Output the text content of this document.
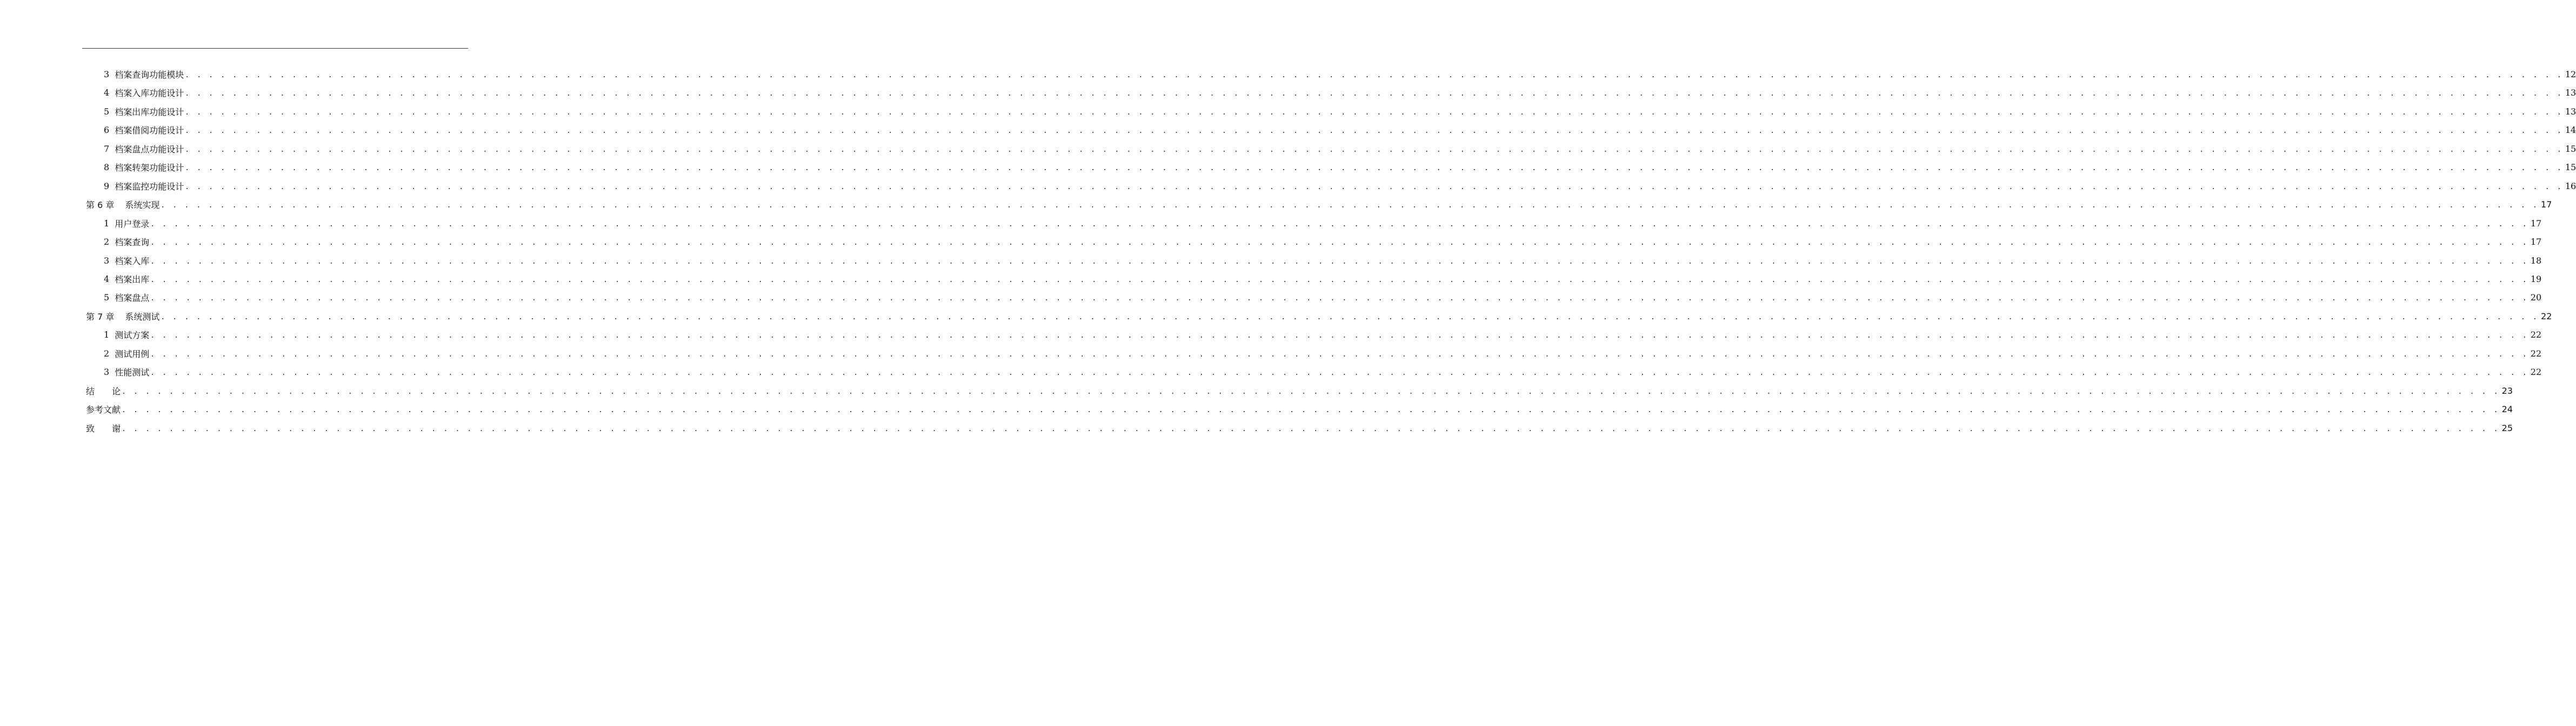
3 档案查询功能模块 . . . . . . . . . . . . . . . . . . . . . . . . . . . . . . . . . . . . . . . . . . . . . . . . . . . . . . . . . . . . . . . . . . . . . . . . . . . . . . . . . . . . . . . . . . . . . . . . . . . . . . . . . . . . . . . . . . . . . . . . . . . . . . . . . . . . . . . . . . . . . . . . . . . . . . . . . . . . . . . . . . . . . . . . . . . . . . . . . . . . . . . . . . . . . . . . . . . . . . . . 12
4 档案入库功能设计 . . . . . . . . . . . . . . . . . . . . . . . . . . . . . . . . . . . . . . . . . . . . . . . . . . . . . . . . . . . . . . . . . . . . . . . . . . . . . . . . . . . . . . . . . . . . . . . . . . . . . . . . . . . . . . . . . . . . . . . . . . . . . . . . . . . . . . . . . . . . . . . . . . . . . . . . . . . . . . . . . . . . . . . . . . . . . . . . . . . . . . . . . . . . . . . . . . . . . . . . 13
5 档案出库功能设计 . . . . . . . . . . . . . . . . . . . . . . . . . . . . . . . . . . . . . . . . . . . . . . . . . . . . . . . . . . . . . . . . . . . . . . . . . . . . . . . . . . . . . . . . . . . . . . . . . . . . . . . . . . . . . . . . . . . . . . . . . . . . . . . . . . . . . . . . . . . . . . . . . . . . . . . . . . . . . . . . . . . . . . . . . . . . . . . . . . . . . . . . . . . . . . . . . . . . . . . . 13
6 档案借阅功能设计 . . . . . . . . . . . . . . . . . . . . . . . . . . . . . . . . . . . . . . . . . . . . . . . . . . . . . . . . . . . . . . . . . . . . . . . . . . . . . . . . . . . . . . . . . . . . . . . . . . . . . . . . . . . . . . . . . . . . . . . . . . . . . . . . . . . . . . . . . . . . . . . . . . . . . . . . . . . . . . . . . . . . . . . . . . . . . . . . . . . . . . . . . . . . . . . . . . . . . . . . 14
7 档案盘点功能设计 . . . . . . . . . . . . . . . . . . . . . . . . . . . . . . . . . . . . . . . . . . . . . . . . . . . . . . . . . . . . . . . . . . . . . . . . . . . . . . . . . . . . . . . . . . . . . . . . . . . . . . . . . . . . . . . . . . . . . . . . . . . . . . . . . . . . . . . . . . . . . . . . . . . . . . . . . . . . . . . . . . . . . . . . . . . . . . . . . . . . . . . . . . . . . . . . . . . . . . . . 15
8 档案转架功能设计 . . . . . . . . . . . . . . . . . . . . . . . . . . . . . . . . . . . . . . . . . . . . . . . . . . . . . . . . . . . . . . . . . . . . . . . . . . . . . . . . . . . . . . . . . . . . . . . . . . . . . . . . . . . . . . . . . . . . . . . . . . . . . . . . . . . . . . . . . . . . . . . . . . . . . . . . . . . . . . . . . . . . . . . . . . . . . . . . . . . . . . . . . . . . . . . . . . . . . . . . 15
9 档案监控功能设计 . . . . . . . . . . . . . . . . . . . . . . . . . . . . . . . . . . . . . . . . . . . . . . . . . . . . . . . . . . . . . . . . . . . . . . . . . . . . . . . . . . . . . . . . . . . . . . . . . . . . . . . . . . . . . . . . . . . . . . . . . . . . . . . . . . . . . . . . . . . . . . . . . . . . . . . . . . . . . . . . . . . . . . . . . . . . . . . . . . . . . . . . . . . . . . . . . . . . . . . . 16
第 6 章 系统实现 . . . . . . . . . . . . . . . . . . . . . . . . . . . . . . . . . . . . . . . . . . . . . . . . . . . . . . . . . . . . . . . . . . . . . . . . . . . . . . . . . . . . . . . . . . . . . . . . . . . . . . . . . . . . . . . . . . . . . . . . . . . . . . . . . . . . . . . . . . . . . . . . . . . . . . . . . . . . . . . . . . . . . . . . . . . . . . . . . . . . . . . . . . . . . . . . . . . . . . . . 17
1 用户登录 . . . . . . . . . . . . . . . . . . . . . . . . . . . . . . . . . . . . . . . . . . . . . . . . . . . . . . . . . . . . . . . . . . . . . . . . . . . . . . . . . . . . . . . . . . . . . . . . . . . . . . . . . . . . . . . . . . . . . . . . . . . . . . . . . . . . . . . . . . . . . . . . . . . . . . . . . . . . . . . . . . . . . . . . . . . . . . . . . . . . . . . . . . . . . . . . . . . . . . . . 17
2 档案查询 . . . . . . . . . . . . . . . . . . . . . . . . . . . . . . . . . . . . . . . . . . . . . . . . . . . . . . . . . . . . . . . . . . . . . . . . . . . . . . . . . . . . . . . . . . . . . . . . . . . . . . . . . . . . . . . . . . . . . . . . . . . . . . . . . . . . . . . . . . . . . . . . . . . . . . . . . . . . . . . . . . . . . . . . . . . . . . . . . . . . . . . . . . . . . . . . . . . . . . . . 17
3 档案入库 . . . . . . . . . . . . . . . . . . . . . . . . . . . . . . . . . . . . . . . . . . . . . . . . . . . . . . . . . . . . . . . . . . . . . . . . . . . . . . . . . . . . . . . . . . . . . . . . . . . . . . . . . . . . . . . . . . . . . . . . . . . . . . . . . . . . . . . . . . . . . . . . . . . . . . . . . . . . . . . . . . . . . . . . . . . . . . . . . . . . . . . . . . . . . . . . . . . . . . . . 18
4 档案出库 . . . . . . . . . . . . . . . . . . . . . . . . . . . . . . . . . . . . . . . . . . . . . . . . . . . . . . . . . . . . . . . . . . . . . . . . . . . . . . . . . . . . . . . . . . . . . . . . . . . . . . . . . . . . . . . . . . . . . . . . . . . . . . . . . . . . . . . . . . . . . . . . . . . . . . . . . . . . . . . . . . . . . . . . . . . . . . . . . . . . . . . . . . . . . . . . . . . . . . . . 19
5 档案盘点 . . . . . . . . . . . . . . . . . . . . . . . . . . . . . . . . . . . . . . . . . . . . . . . . . . . . . . . . . . . . . . . . . . . . . . . . . . . . . . . . . . . . . . . . . . . . . . . . . . . . . . . . . . . . . . . . . . . . . . . . . . . . . . . . . . . . . . . . . . . . . . . . . . . . . . . . . . . . . . . . . . . . . . . . . . . . . . . . . . . . . . . . . . . . . . . . . . . . . . . . 20
第 7 章 系统测试 . . . . . . . . . . . . . . . . . . . . . . . . . . . . . . . . . . . . . . . . . . . . . . . . . . . . . . . . . . . . . . . . . . . . . . . . . . . . . . . . . . . . . . . . . . . . . . . . . . . . . . . . . . . . . . . . . . . . . . . . . . . . . . . . . . . . . . . . . . . . . . . . . . . . . . . . . . . . . . . . . . . . . . . . . . . . . . . . . . . . . . . . . . . . . . . . . . . . . . . . 22
1 测试方案 . . . . . . . . . . . . . . . . . . . . . . . . . . . . . . . . . . . . . . . . . . . . . . . . . . . . . . . . . . . . . . . . . . . . . . . . . . . . . . . . . . . . . . . . . . . . . . . . . . . . . . . . . . . . . . . . . . . . . . . . . . . . . . . . . . . . . . . . . . . . . . . . . . . . . . . . . . . . . . . . . . . . . . . . . . . . . . . . . . . . . . . . . . . . . . . . . . . . . . . . 22
2 测试用例 . . . . . . . . . . . . . . . . . . . . . . . . . . . . . . . . . . . . . . . . . . . . . . . . . . . . . . . . . . . . . . . . . . . . . . . . . . . . . . . . . . . . . . . . . . . . . . . . . . . . . . . . . . . . . . . . . . . . . . . . . . . . . . . . . . . . . . . . . . . . . . . . . . . . . . . . . . . . . . . . . . . . . . . . . . . . . . . . . . . . . . . . . . . . . . . . . . . . . . . . 22
3 性能测试 . . . . . . . . . . . . . . . . . . . . . . . . . . . . . . . . . . . . . . . . . . . . . . . . . . . . . . . . . . . . . . . . . . . . . . . . . . . . . . . . . . . . . . . . . . . . . . . . . . . . . . . . . . . . . . . . . . . . . . . . . . . . . . . . . . . . . . . . . . . . . . . . . . . . . . . . . . . . . . . . . . . . . . . . . . . . . . . . . . . . . . . . . . . . . . . . . . . . . . . . 22
结　　论 . . . . . . . . . . . . . . . . . . . . . . . . . . . . . . . . . . . . . . . . . . . . . . . . . . . . . . . . . . . . . . . . . . . . . . . . . . . . . . . . . . . . . . . . . . . . . . . . . . . . . . . . . . . . . . . . . . . . . . . . . . . . . . . . . . . . . . . . . . . . . . . . . . . . . . . . . . . . . . . . . . . . . . . . . . . . . . . . . . . . . . . . . . . . . . . . . . . . . . . . 23
参考文献 . . . . . . . . . . . . . . . . . . . . . . . . . . . . . . . . . . . . . . . . . . . . . . . . . . . . . . . . . . . . . . . . . . . . . . . . . . . . . . . . . . . . . . . . . . . . . . . . . . . . . . . . . . . . . . . . . . . . . . . . . . . . . . . . . . . . . . . . . . . . . . . . . . . . . . . . . . . . . . . . . . . . . . . . . . . . . . . . . . . . . . . . . . . . . . . . . . . . . . . . 24
致　　谢 . . . . . . . . . . . . . . . . . . . . . . . . . . . . . . . . . . . . . . . . . . . . . . . . . . . . . . . . . . . . . . . . . . . . . . . . . . . . . . . . . . . . . . . . . . . . . . . . . . . . . . . . . . . . . . . . . . . . . . . . . . . . . . . . . . . . . . . . . . . . . . . . . . . . . . . . . . . . . . . . . . . . . . . . . . . . . . . . . . . . . . . . . . . . . . . . . . . . . . . . 25
